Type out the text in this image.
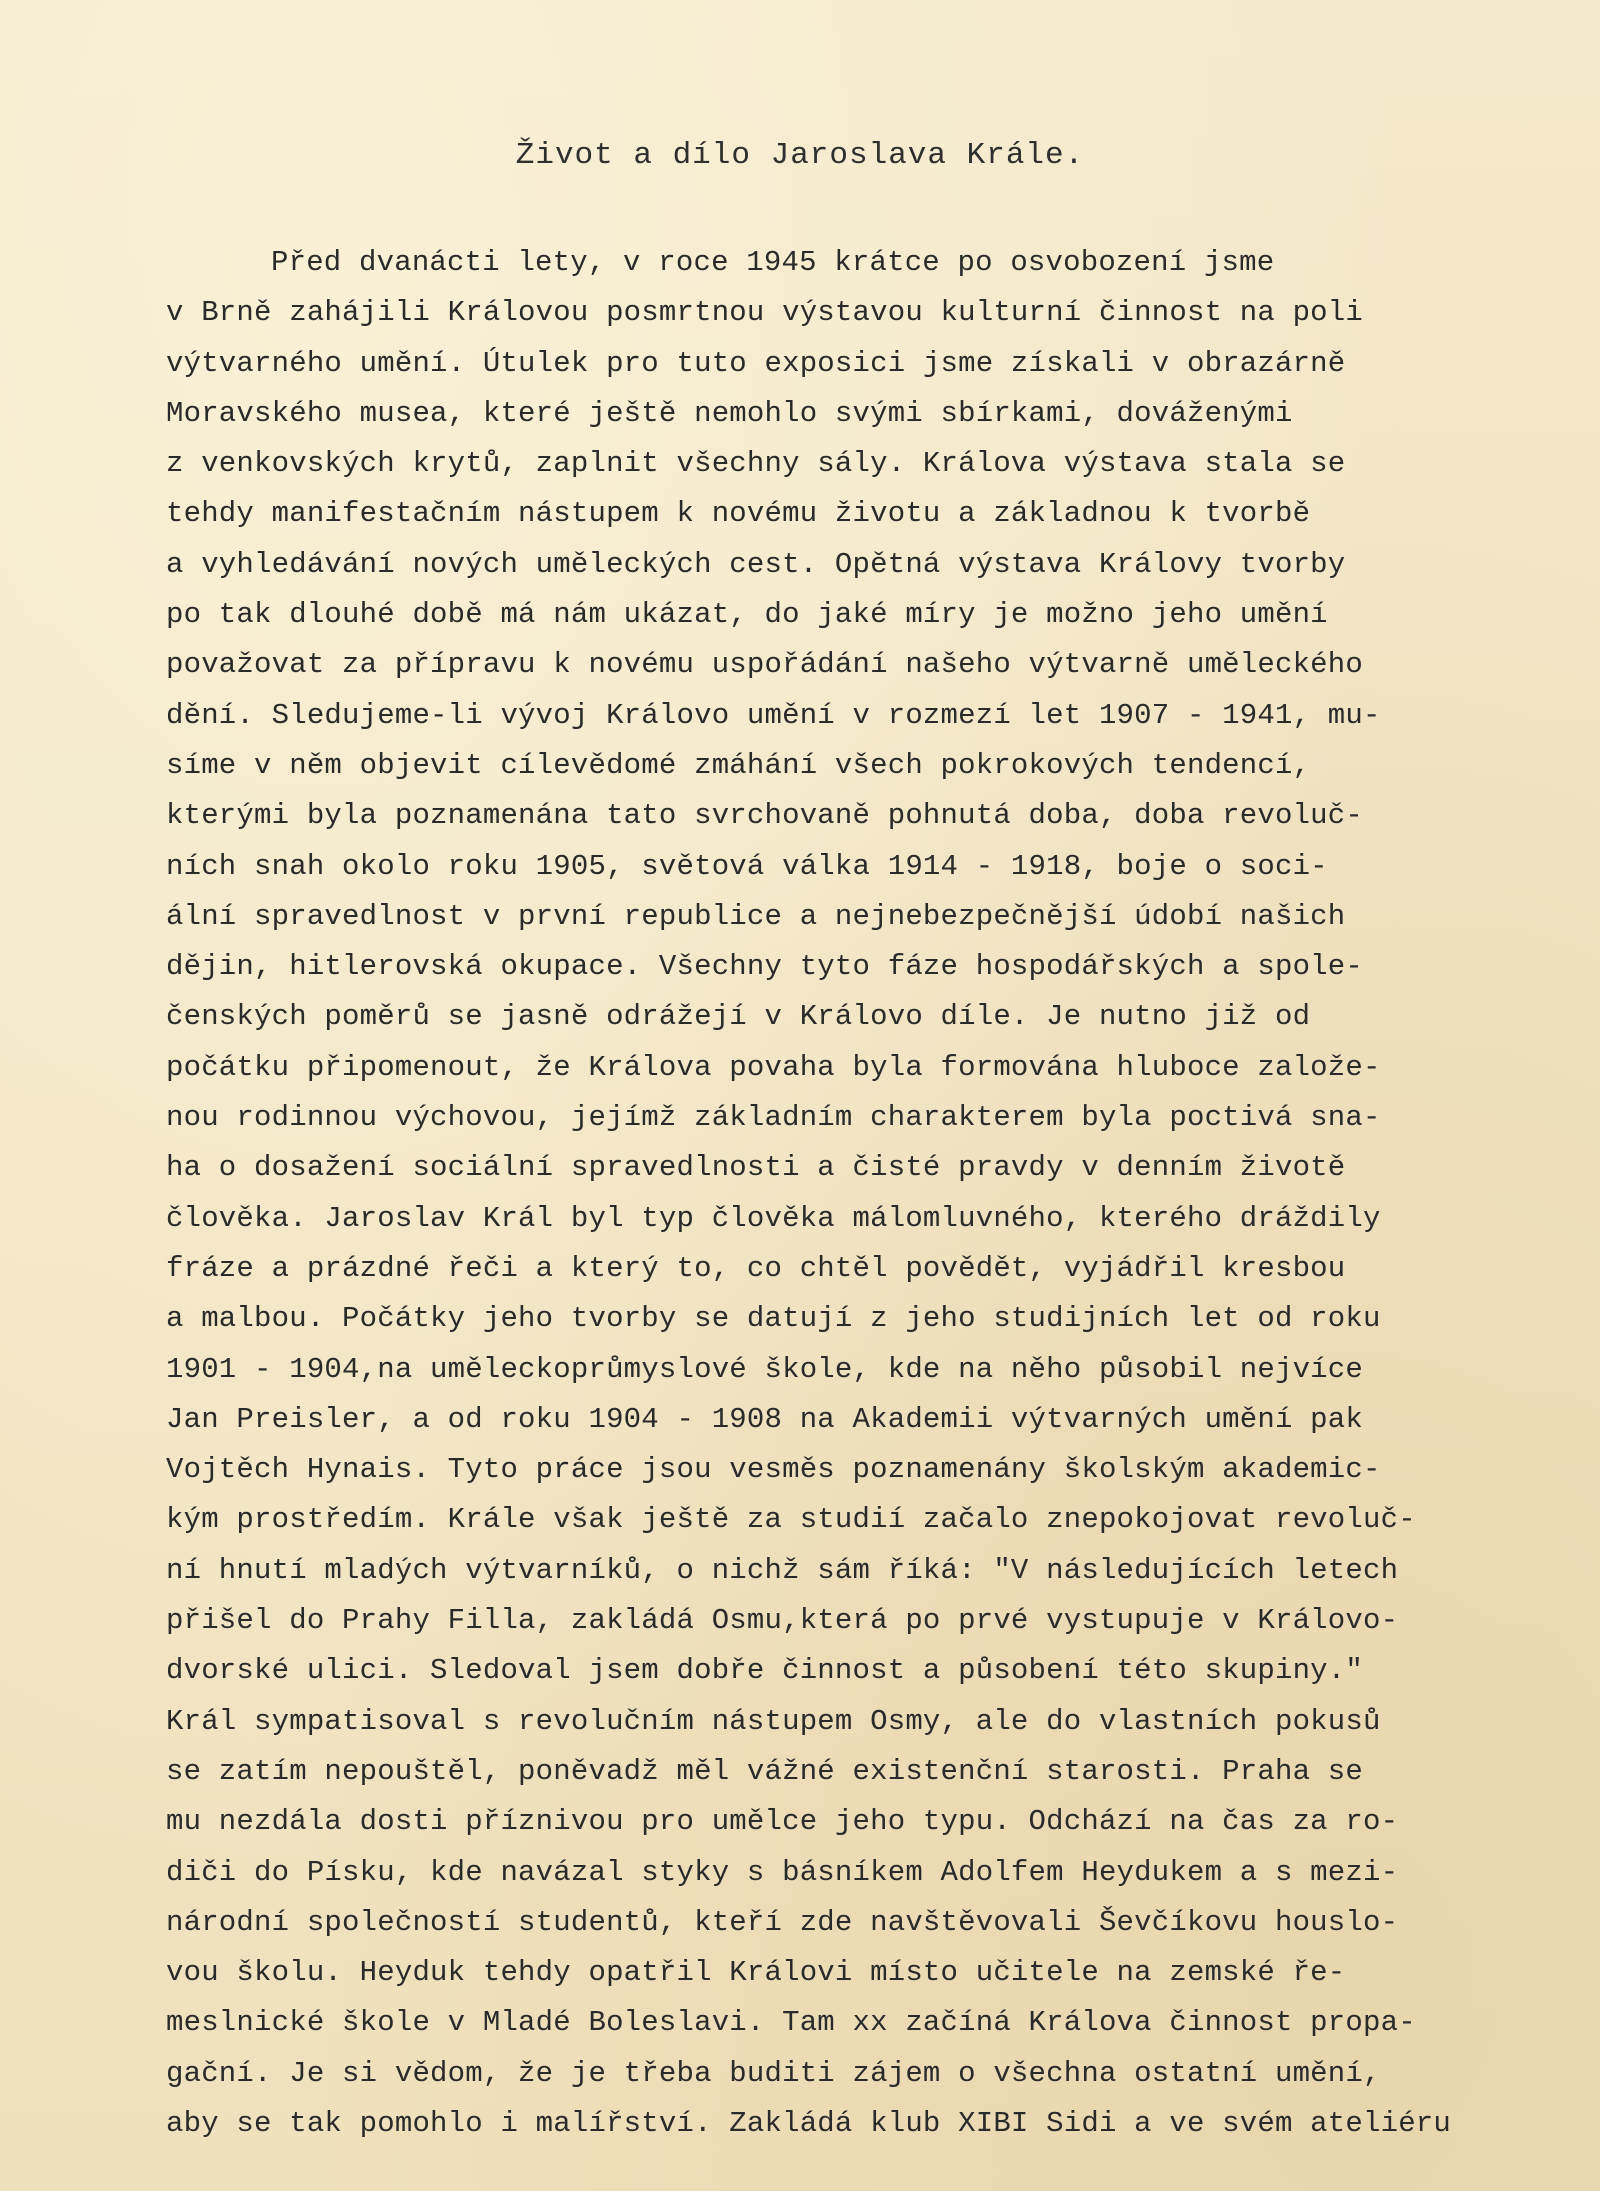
Život a dílo Jaroslava Krále.
Před dvanácti lety, v roce 1945 krátce po osvobození jsme
v Brně zahájili Královou posmrtnou výstavou kulturní činnost na poli
výtvarného umění. Útulek pro tuto exposici jsme získali v obrazárně
Moravského musea, které ještě nemohlo svými sbírkami, dováženými
z venkovských krytů, zaplnit všechny sály. Králova výstava stala se
tehdy manifestačním nástupem k novému životu a základnou k tvorbě
a vyhledávání nových uměleckých cest. Opětná výstava Královy tvorby
po tak dlouhé době má nám ukázat, do jaké míry je možno jeho umění
považovat za přípravu k novému uspořádání našeho výtvarně uměleckého
dění. Sledujeme-li vývoj Královo umění v rozmezí let 1907 - 1941, mu-
síme v něm objevit cílevědomé zmáhání všech pokrokových tendencí,
kterými byla poznamenána tato svrchovaně pohnutá doba, doba revoluč-
ních snah okolo roku 1905, světová válka 1914 - 1918, boje o soci-
ální spravedlnost v první republice a nejnebezpečnější údobí našich
dějin, hitlerovská okupace. Všechny tyto fáze hospodářských a spole-
čenských poměrů se jasně odrážejí v Královo díle. Je nutno již od
počátku připomenout, že Králova povaha byla formována hluboce založe-
nou rodinnou výchovou, jejímž základním charakterem byla poctivá sna-
ha o dosažení sociální spravedlnosti a čisté pravdy v denním životě
člověka. Jaroslav Král byl typ člověka málomluvného, kterého dráždily
fráze a prázdné řeči a který to, co chtěl povědět, vyjádřil kresbou
a malbou. Počátky jeho tvorby se datují z jeho studijních let od roku
1901 - 1904,na uměleckoprůmyslové škole, kde na něho působil nejvíce
Jan Preisler, a od roku 1904 - 1908 na Akademii výtvarných umění pak
Vojtěch Hynais. Tyto práce jsou vesměs poznamenány školským akademic-
kým prostředím. Krále však ještě za studií začalo znepokojovat revoluč-
ní hnutí mladých výtvarníků, o nichž sám říká: "V následujících letech
přišel do Prahy Filla, zakládá Osmu,která po prvé vystupuje v Královo-
dvorské ulici. Sledoval jsem dobře činnost a působení této skupiny."
Král sympatisoval s revolučním nástupem Osmy, ale do vlastních pokusů
se zatím nepouštěl, poněvadž měl vážné existenční starosti. Praha se
mu nezdála dosti příznivou pro umělce jeho typu. Odchází na čas za ro-
diči do Písku, kde navázal styky s básníkem Adolfem Heydukem a s mezi-
národní společností studentů, kteří zde navštěvovali Ševčíkovu houslo-
vou školu. Heyduk tehdy opatřil Královi místo učitele na zemské ře-
meslnické škole v Mladé Boleslavi. Tam xx začíná Králova činnost propa-
gační. Je si vědom, že je třeba buditi zájem o všechna ostatní umění,
aby se tak pomohlo i malířství. Zakládá klub XIBI Sidi a ve svém ateliéru
